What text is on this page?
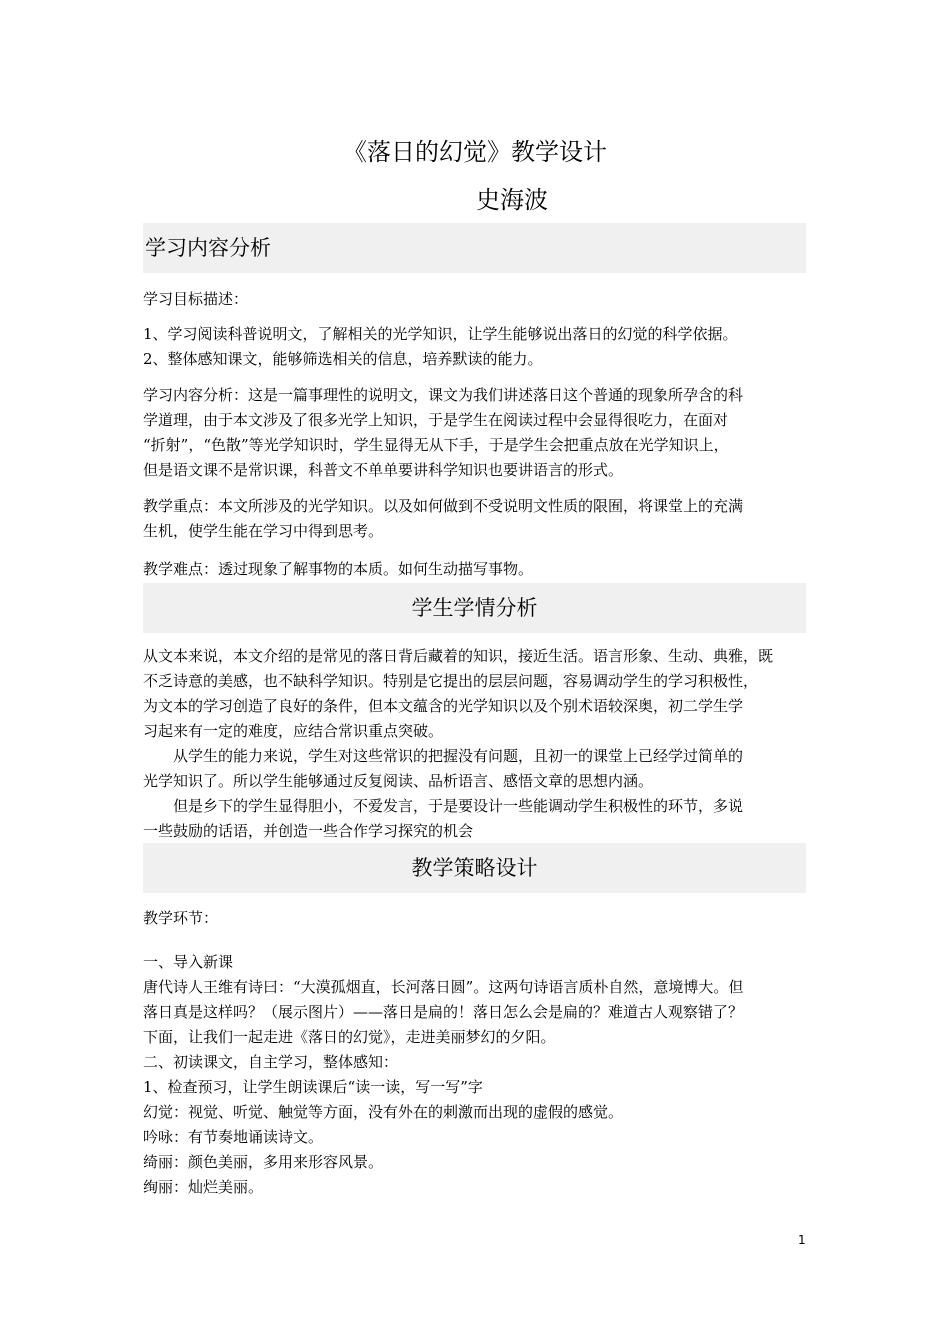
《落日的幻觉》教学设计
史海波
学习内容分析
学习目标描述：
1、学习阅读科普说明文，了解相关的光学知识，让学生能够说出落日的幻觉的科学依据。
2、整体感知课文，能够筛选相关的信息，培养默读的能力。
学习内容分析：这是一篇事理性的说明文，课文为我们讲述落日这个普通的现象所孕含的科
学道理，由于本文涉及了很多光学上知识，于是学生在阅读过程中会显得很吃力，在面对
“折射”，“色散”等光学知识时，学生显得无从下手，于是学生会把重点放在光学知识上，
但是语文课不是常识课，科普文不单单要讲科学知识也要讲语言的形式。
教学重点：本文所涉及的光学知识。以及如何做到不受说明文性质的限囿，将课堂上的充满
生机，使学生能在学习中得到思考。
教学难点：透过现象了解事物的本质。如何生动描写事物。
学生学情分析
从文本来说，本文介绍的是常见的落日背后藏着的知识，接近生活。语言形象、生动、典雅，既
不乏诗意的美感，也不缺科学知识。特别是它提出的层层问题，容易调动学生的学习积极性，
为文本的学习创造了良好的条件，但本文蕴含的光学知识以及个别术语较深奥，初二学生学
习起来有一定的难度，应结合常识重点突破。
　　从学生的能力来说，学生对这些常识的把握没有问题，且初一的课堂上已经学过简单的
光学知识了。所以学生能够通过反复阅读、品析语言、感悟文章的思想内涵。
　　但是乡下的学生显得胆小，不爱发言，于是要设计一些能调动学生积极性的环节，多说
一些鼓励的话语，并创造一些合作学习探究的机会
教学策略设计
教学环节：
一、导入新课
唐代诗人王维有诗曰：“大漠孤烟直，长河落日圆”。这两句诗语言质朴自然，意境博大。但
落日真是这样吗？（展示图片）——落日是扁的！落日怎么会是扁的？难道古人观察错了？
下面，让我们一起走进《落日的幻觉》，走进美丽梦幻的夕阳。
二、初读课文，自主学习，整体感知：
1、检查预习，让学生朗读课后“读一读，写一写”字
幻觉：视觉、听觉、触觉等方面，没有外在的刺激而出现的虚假的感觉。
吟咏：有节奏地诵读诗文。
绮丽：颜色美丽，多用来形容风景。
绚丽：灿烂美丽。
1
